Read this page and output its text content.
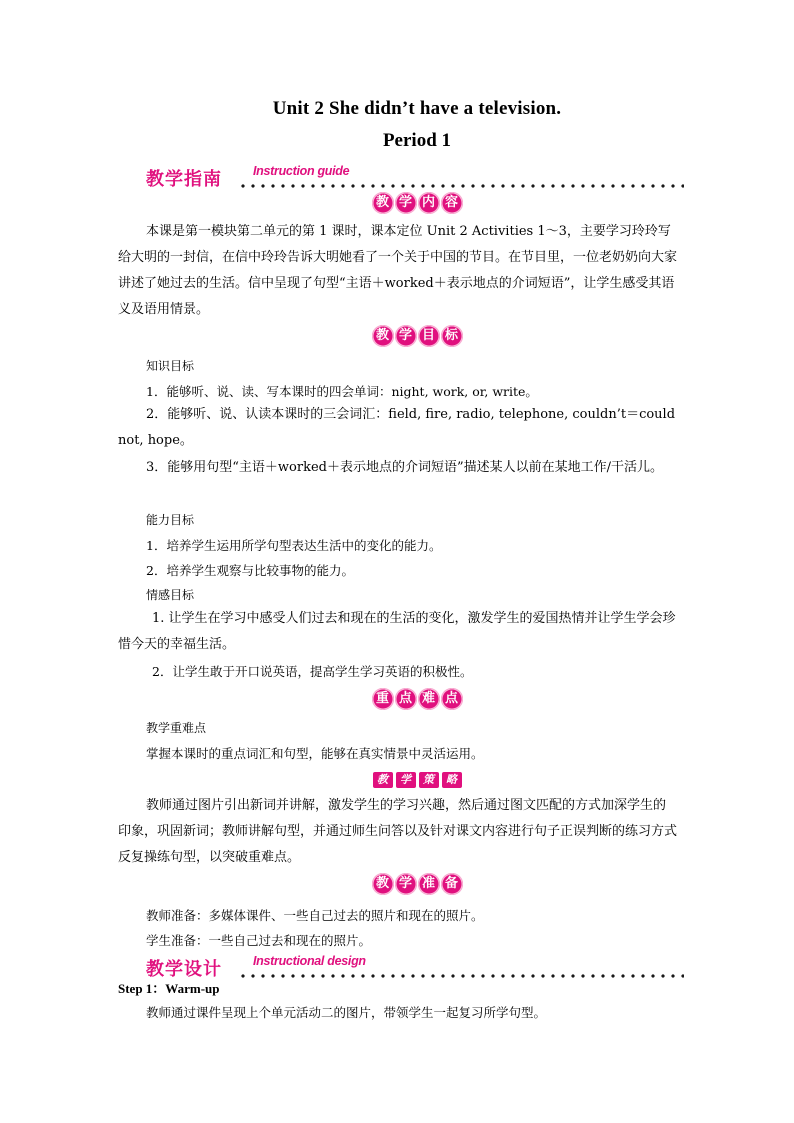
Unit 2 She didn’t have a television.
Period 1
教学指南 Instruction guide
教 学 内 容

本课是第一模块第二单元的第 1 课时，课本定位 Unit 2 Activities 1～3，主要学习玲玲写给大明的一封信，在信中玲玲告诉大明她看了一个关于中国的节目。在节目里，一位老奶奶向大家讲述了她过去的生活。信中呈现了句型“主语＋worked＋表示地点的介词短语”，让学生感受其语义及语用情景。

教 学 目 标
知识目标
1．能够听、说、读、写本课时的四会单词：night, work, or, write。

2．能够听、说、认读本课时的三会词汇：field, fire, radio, telephone, couldn’t＝could not, hope。

3．能够用句型“主语＋worked＋表示地点的介词短语”描述某人以前在某地工作/干活儿。

能力目标
1．培养学生运用所学句型表达生活中的变化的能力。
2．培养学生观察与比较事物的能力。
情感目标

1. 让学生在学习中感受人们过去和现在的生活的变化，激发学生的爱国热情并让学生学会珍惜今天的幸福生活。

2．让学生敢于开口说英语，提高学生学习英语的积极性。
重 点 难 点
教学重难点
掌握本课时的重点词汇和句型，能够在真实情景中灵活运用。
教	学	策	略

教师通过图片引出新词并讲解，激发学生的学习兴趣，然后通过图文匹配的方式加深学生的印象，巩固新词；教师讲解句型，并通过师生问答以及针对课文内容进行句子正误判断的练习方式反复操练句型，以突破重难点。

教 学 准 备
教师准备：多媒体课件、一些自己过去的照片和现在的照片。
学生准备：一些自己过去和现在的照片。
教学设计 Instructional design
Step 1：Warm-up
教师通过课件呈现上个单元活动二的图片，带领学生一起复习所学句型。
